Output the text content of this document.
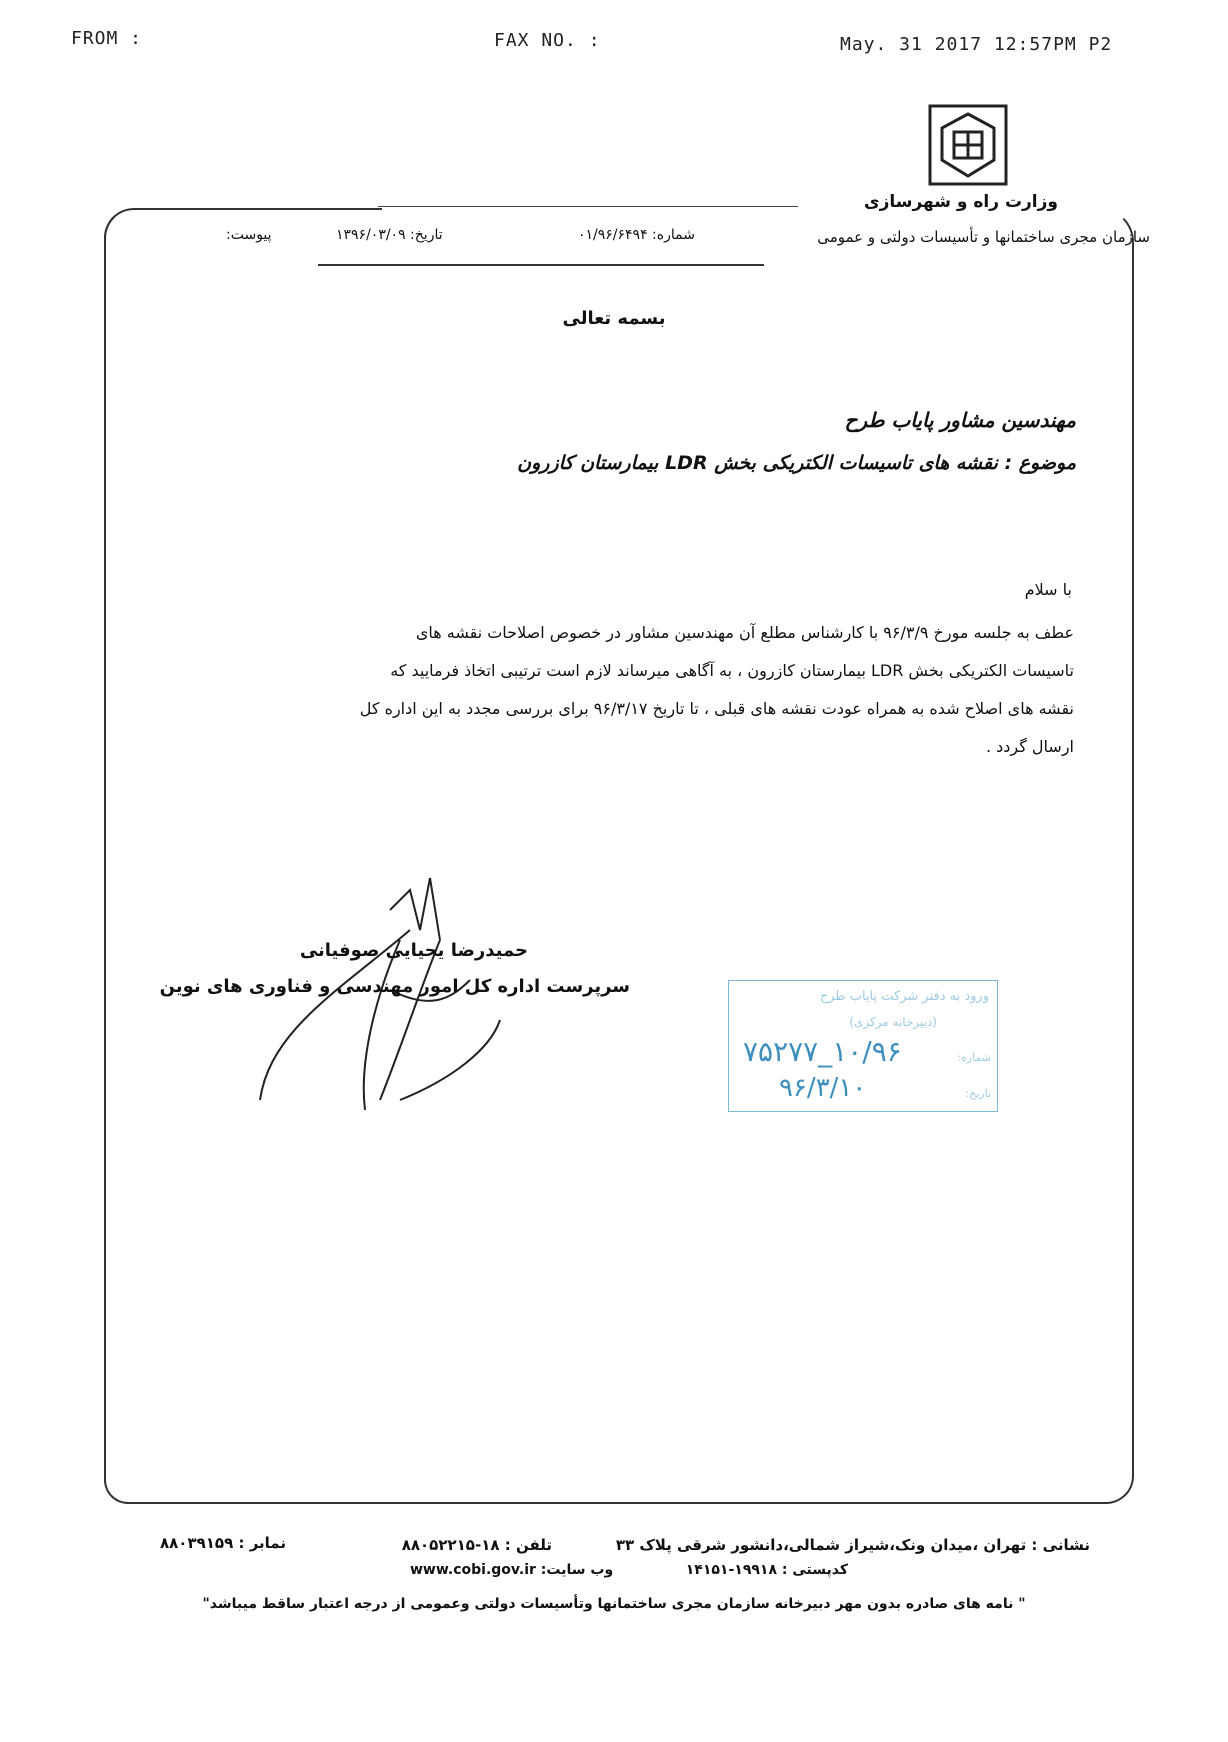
FROM :	FAX NO. :	May. 31 2017 12:57PM P2
وزارت راه و شهرسازی
سازمان مجری ساختمانها و تأسیسات دولتی و عمومی
پیوست:	تاریخ: ۱۳۹۶/۰۳/۰۹	شماره: ۰۱/۹۶/۶۴۹۴
بسمه تعالی
مهندسین مشاور پایاب طرح
موضوع : نقشه های تاسیسات الکتریکی بخش LDR بیمارستان کازرون
با سلام

عطف به جلسه مورخ ۹۶/۳/۹ با کارشناس مطلع آن مهندسین مشاور در خصوص اصلاحات نقشه های

تاسیسات الکتریکی بخش LDR بیمارستان کازرون ، به آگاهی میرساند لازم است ترتیبی اتخاذ فرمایید که

نقشه های اصلاح شده به همراه عودت نقشه های قبلی ، تا تاریخ ۹۶/۳/۱۷ برای بررسی مجدد به این اداره کل

ارسال گردد .

حمیدرضا یحیایی صوفیانی
سرپرست اداره کل امور مهندسی و فناوری های نوین	ورود به دفتر شرکت پایاب طرح
(دبیرخانه مرکزی)
شماره:
۱۰/۹۶_۷۵۲۷۷
تاریخ:
۹۶/۳/۱۰
نشانی : تهران ،میدان ونک،شیراز شمالی،دانشور شرقی پلاک ۳۳
تلفن : ۱۸-۸۸۰۵۲۲۱۵
نمابر : ۸۸۰۳۹۱۵۹
کدپستی : ۱۹۹۱۸-۱۴۱۵۱
وب سایت: www.cobi.gov.ir
" نامه های صادره بدون مهر دبیرخانه سازمان مجری ساختمانها وتأسیسات دولتی وعمومی از درجه اعتبار ساقط میباشد"
